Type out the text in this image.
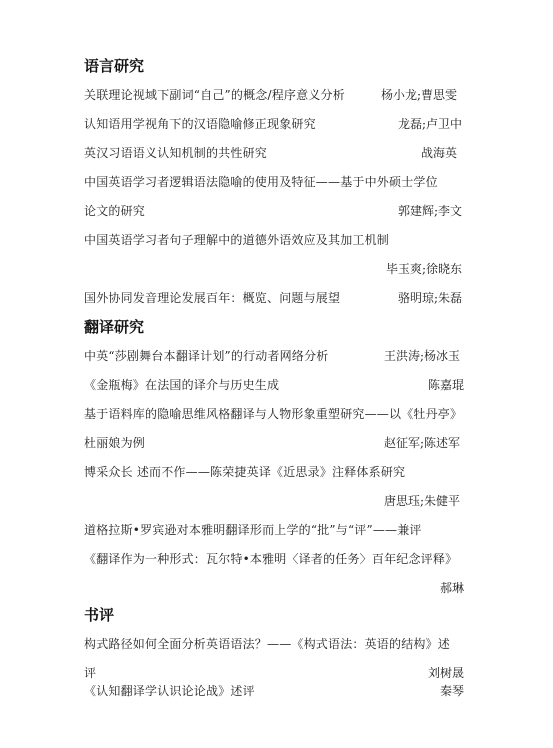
语言研究
关联理论视域下副词“自己”的概念/程序意义分析	杨小龙;曹思雯
认知语用学视角下的汉语隐喻修正现象研究	龙磊;卢卫中
英汉习语语义认知机制的共性研究	战海英
中国英语学习者逻辑语法隐喻的使用及特征——基于中外硕士学位
论文的研究	郭建辉;李文
中国英语学习者句子理解中的道德外语效应及其加工机制
毕玉爽;徐晓东
国外协同发音理论发展百年：概览、问题与展望	骆明琼;朱磊
翻译研究
中英“莎剧舞台本翻译计划”的行动者网络分析	王洪涛;杨冰玉
《金瓶梅》在法国的译介与历史生成	陈嘉琨
基于语料库的隐喻思维风格翻译与人物形象重塑研究——以《牡丹亭》
杜丽娘为例	赵征军;陈述军
博采众长 述而不作——陈荣捷英译《近思录》注释体系研究
唐思珏;朱健平
道格拉斯•罗宾逊对本雅明翻译形而上学的“批”与“评”——兼评
《翻译作为一种形式：瓦尔特•本雅明〈译者的任务〉百年纪念评释》
郝琳
书评
构式路径如何全面分析英语语法？——《构式语法：英语的结构》述
评	刘树晟
《认知翻译学认识论论战》述评	秦琴
